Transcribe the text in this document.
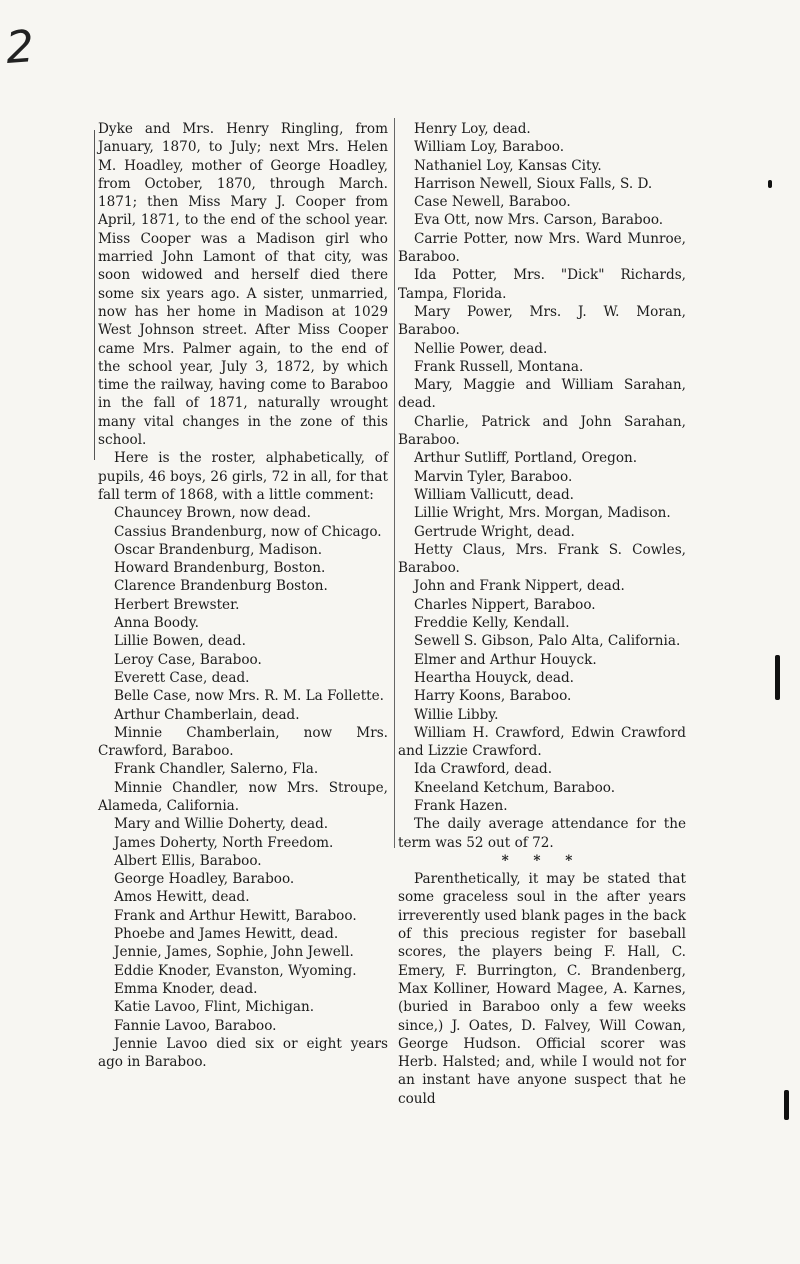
2

Dyke and Mrs. Henry Ringling, from January, 1870, to July; next Mrs. Helen M. Hoadley, mother of George Hoadley, from October, 1870, through March. 1871; then Miss Mary J. Cooper from April, 1871, to the end of the school year. Miss Cooper was a Madison girl who married John Lamont of that city, was soon widowed and herself died there some six years ago. A sister, unmarried, now has her home in Madison at 1029 West Johnson street. After Miss Cooper came Mrs. Palmer again, to the end of the school year, July 3, 1872, by which time the railway, having come to Baraboo in the fall of 1871, naturally wrought many vital changes in the zone of this school.

Here is the roster, alphabetically, of pupils, 46 boys, 26 girls, 72 in all, for that fall term of 1868, with a little comment:

Chauncey Brown, now dead.

Cassius Brandenburg, now of Chicago.

Oscar Brandenburg, Madison.

Howard Brandenburg, Boston.

Clarence Brandenburg Boston.

Herbert Brewster.

Anna Boody.

Lillie Bowen, dead.

Leroy Case, Baraboo.

Everett Case, dead.

Belle Case, now Mrs. R. M. La Follette.

Arthur Chamberlain, dead.

Minnie Chamberlain, now Mrs. Crawford, Baraboo.

Frank Chandler, Salerno, Fla.

Minnie Chandler, now Mrs. Stroupe, Alameda, California.

Mary and Willie Doherty, dead.

James Doherty, North Freedom.

Albert Ellis, Baraboo.

George Hoadley, Baraboo.

Amos Hewitt, dead.

Frank and Arthur Hewitt, Baraboo.

Phoebe and James Hewitt, dead.

Jennie, James, Sophie, John Jewell.

Eddie Knoder, Evanston, Wyoming.

Emma Knoder, dead.

Katie Lavoo, Flint, Michigan.

Fannie Lavoo, Baraboo.

Jennie Lavoo died six or eight years ago in Baraboo.

Henry Loy, dead.

William Loy, Baraboo.

Nathaniel Loy, Kansas City.

Harrison Newell, Sioux Falls, S. D.

Case Newell, Baraboo.

Eva Ott, now Mrs. Carson, Baraboo.

Carrie Potter, now Mrs. Ward Munroe, Baraboo.

Ida Potter, Mrs. "Dick" Richards, Tampa, Florida.

Mary Power, Mrs. J. W. Moran, Baraboo.

Nellie Power, dead.

Frank Russell, Montana.

Mary, Maggie and William Sarahan, dead.

Charlie, Patrick and John Sarahan, Baraboo.

Arthur Sutliff, Portland, Oregon.

Marvin Tyler, Baraboo.

William Vallicutt, dead.

Lillie Wright, Mrs. Morgan, Madison.

Gertrude Wright, dead.

Hetty Claus, Mrs. Frank S. Cowles, Baraboo.

John and Frank Nippert, dead.

Charles Nippert, Baraboo.

Freddie Kelly, Kendall.

Sewell S. Gibson, Palo Alta, California.

Elmer and Arthur Houyck.

Heartha Houyck, dead.

Harry Koons, Baraboo.

Willie Libby.

William H. Crawford, Edwin Crawford and Lizzie Crawford.

Ida Crawford, dead.

Kneeland Ketchum, Baraboo.

Frank Hazen.

The daily average attendance for the term was 52 out of 72.

* * *

Parenthetically, it may be stated that some graceless soul in the after years irreverently used blank pages in the back of this precious register for baseball scores, the players being F. Hall, C. Emery, F. Burrington, C. Brandenberg, Max Kolliner, Howard Magee, A. Karnes, (buried in Baraboo only a few weeks since,) J. Oates, D. Falvey, Will Cowan, George Hudson. Official scorer was Herb. Halsted; and, while I would not for an instant have anyone suspect that he could
